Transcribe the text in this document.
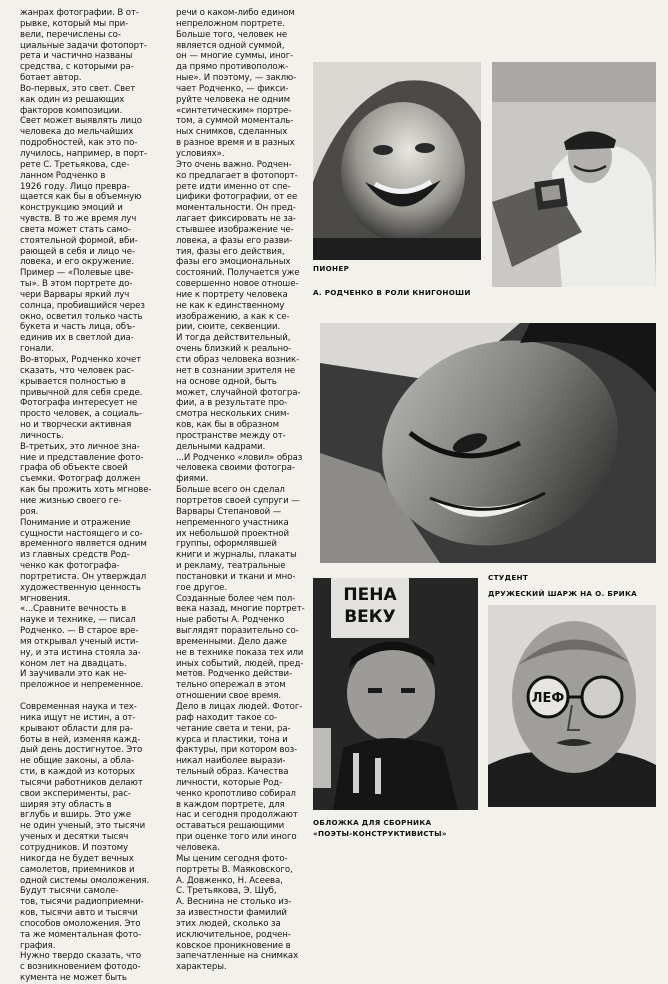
жанрах фотографии. В от-

рывке, который мы при-

вели, перечислены со-

циальные задачи фотопорт-

рета и частично названы

средства, с которыми ра-

ботает автор.

Во-первых, это свет. Свет

как один из решающих

факторов композиции.

Свет может выявлять лицо

человека до мельчайших

подробностей, как это по-

лучилось, например, в порт-

рете С. Третьякова, сде-

ланном Родченко в

1926 году. Лицо превра-

щается как бы в объемную

конструкцию эмоций и

чувств. В то же время луч

света может стать само-

стоятельной формой, вби-

рающей в себя и лицо че-

ловека, и его окружение.

Пример — «Полевые цве-

ты». В этом портрете до-

чери Варвары яркий луч

солнца, пробившийся через

окно, осветил только часть

букета и часть лица, объ-

единив их в светлой диа-

гонали.

Во-вторых, Родченко хочет

сказать, что человек рас-

крывается полностью в

привычной для себя среде.

Фотографа интересует не

просто человек, а социаль-

но и творчески активная

личность.

В-третьих, это личное зна-

ние и представление фото-

графа об объекте своей

съемки. Фотограф должен

как бы прожить хоть мгнове-

ние жизнью своего ге-

роя.

Понимание и отражение

сущности настоящего и со-

временного является одним

из главных средств Род-

ченко как фотографа-

портретиста. Он утверждал

художественную ценность

мгновения.

«...Сравните вечность в

науке и технике, — писал

Родченко. — В старое вре-

мя открывал ученый исти-

ну, и эта истина стояла за-

коном лет на двадцать.

И заучивали это как не-

преложное и непременное.

Современная наука и тех-

ника ищут не истин, а от-

крывают области для ра-

боты в ней, изменяя кажд-

дый день достигнутое. Это

не общие законы, а обла-

сти, в каждой из которых

тысячи работников делают

свои эксперименты, рас-

ширяя эту область в

вглубь и вширь. Это уже

не один ученый, это тысячи

ученых и десятки тысяч

сотрудников. И поэтому

никогда не будет вечных

самолетов, приемников и

одной системы омоложения.

Будут тысячи самоле-

тов, тысячи радиоприемни-

ков, тысячи авто и тысячи

способов омоложения. Это

та же моментальная фото-

графия.

Нужно твердо сказать, что

с возникновением фотодо-

кумента не может быть

речи о каком-либо едином

непреложном портрете.

Больше того, человек не

является одной суммой,

он — многие суммы, иног-

да прямо противополож-

ные». И поэтому, — заклю-

чает Родченко, — фикси-

руйте человека не одним

«синтетическим» портре-

том, а суммой моменталь-

ных снимков, сделанных

в разное время и в разных

условиях».

Это очень важно. Родчен-

ко предлагает в фотопорт-

рете идти именно от спе-

цифики фотографии, от ее

моментальности. Он пред-

лагает фиксировать не за-

стывшее изображение че-

ловека, а фазы его разви-

тия, фазы его действия,

фазы его эмоциональных

состояний. Получается уже

совершенно новое отноше-

ние к портрету человека

не как к единственному

изображению, а как к се-

рии, сюите, секвенции.

И тогда действительный,

очень близкий к реально-

сти образ человека возник-

нет в сознании зрителя не

на основе одной, быть

может, случайной фотогра-

фии, а в результате про-

смотра нескольких сним-

ков, как бы в образном

пространстве между от-

дельными кадрами.

...И Родченко «ловил» образ

человека своими фотогра-

фиями.

Больше всего он сделал

портретов своей супруги —

Варвары Степановой —

непременного участника

их небольшой проектной

группы, оформлявшей

книги и журналы, плакаты

и рекламу, театральные

постановки и ткани и мно-

гое другое.

Созданные более чем пол-

века назад, многие портрет-

ные работы А. Родченко

выглядят поразительно со-

временными. Дело даже

не в технике показа тех или

иных событий, людей, пред-

метов. Родченко действи-

тельно опережал в этом

отношении свое время.

Дело в лицах людей. Фотог-

раф находит такое со-

четание света и тени, ра-

курса и пластики, тона и

фактуры, при котором воз-

никал наиболее вырази-

тельный образ. Качества

личности, которые Род-

ченко кропотливо собирал

в каждом портрете, для

нас и сегодня продолжают

оставаться решающими

при оценке того или иного

человека.

Мы ценим сегодня фото-

портреты В. Маяковского,

А. Довженко, Н. Асеева,

С. Третьякова, Э. Шуб,

А. Веснина не столько из-

за известности фамилий

этих людей, сколько за

исключительное, родчен-

ковское проникновение в

запечатленные на снимках

характеры.

ПИОНЕР
А. РОДЧЕНКО В РОЛИ КНИГОНОШИ
СТУДЕНТ
ДРУЖЕСКИЙ ШАРЖ НА О. БРИКА
ПЕНА
ВЕКУ
ОБЛОЖКА ДЛЯ СБОРНИКА
«ПОЭТЫ-КОНСТРУКТИВИСТЫ»
ЛЕФ
